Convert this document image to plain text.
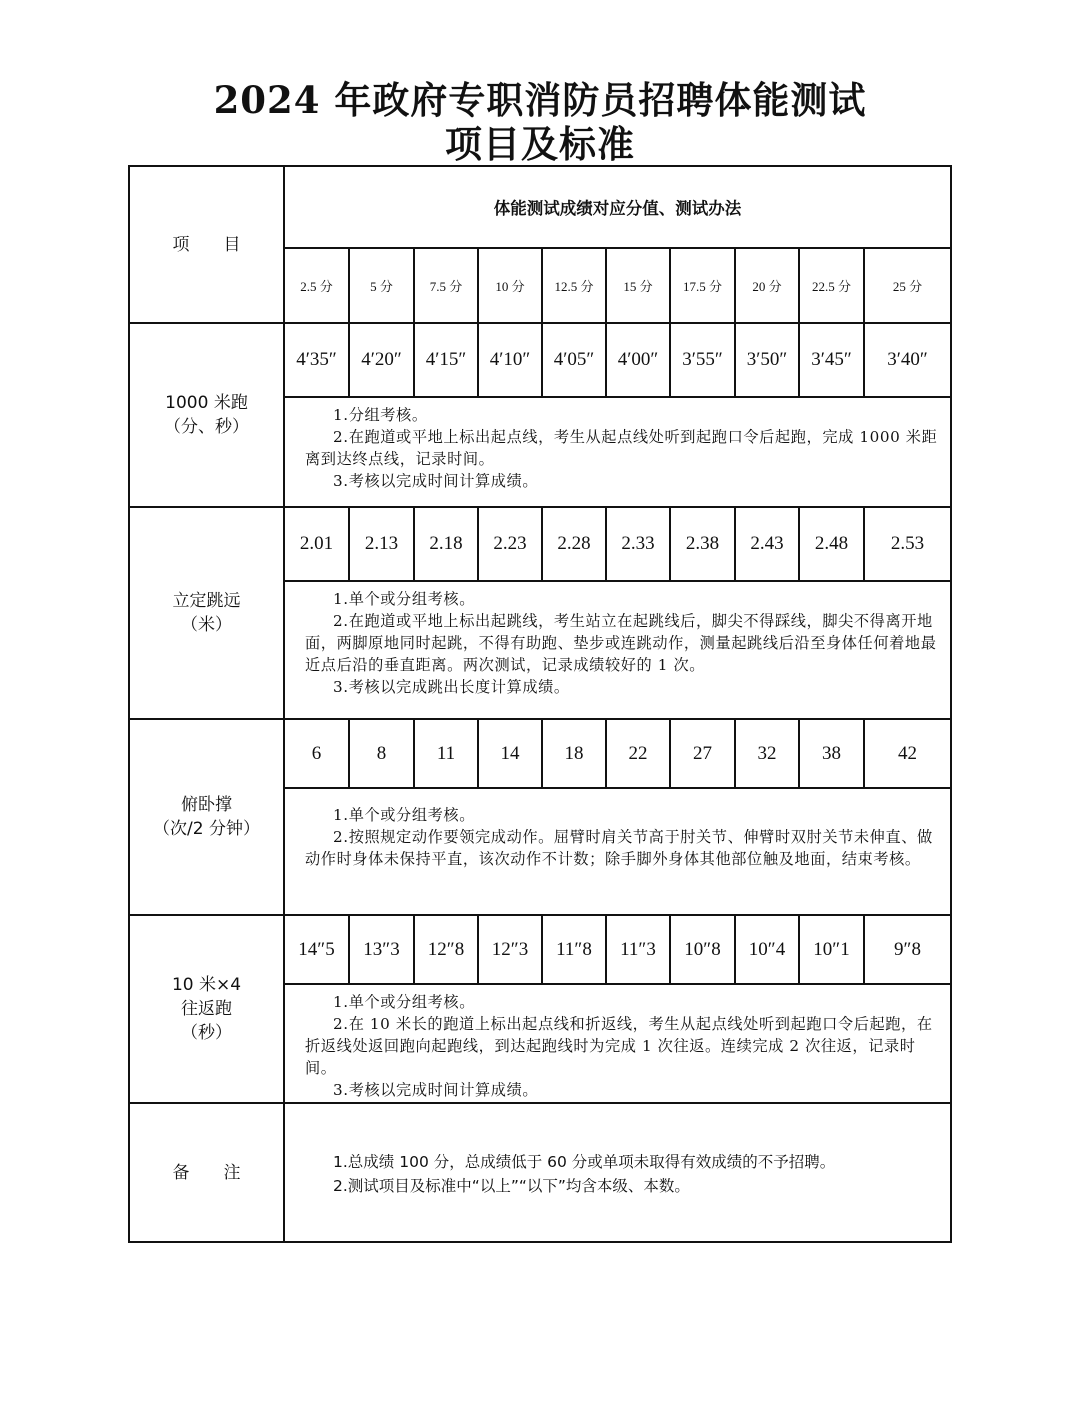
2024 年政府专职消防员招聘体能测试
项目及标准
项　　目
体能测试成绩对应分值、测试办法
2.5 分	5 分	7.5 分	10 分	12.5 分	15 分	17.5 分	20 分	22.5 分	25 分
1000 米跑
（分、秒）
4′35″	4′20″	4′15″	4′10″	4′05″	4′00″	3′55″	3′50″	3′45″	3′40″

1.分组考核。

2.在跑道或平地上标出起点线，考生从起点线处听到起跑口令后起跑，完成 1000 米距离到达终点线，记录时间。

3.考核以完成时间计算成绩。

立定跳远
（米）
2.01	2.13	2.18	2.23	2.28	2.33	2.38	2.43	2.48	2.53

1.单个或分组考核。

2.在跑道或平地上标出起跳线，考生站立在起跳线后，脚尖不得踩线，脚尖不得离开地面，两脚原地同时起跳，不得有助跑、垫步或连跳动作，测量起跳线后沿至身体任何着地最近点后沿的垂直距离。两次测试，记录成绩较好的 1 次。

3.考核以完成跳出长度计算成绩。

俯卧撑
（次/2 分钟）
6	8	11	14	18	22	27	32	38	42

1.单个或分组考核。

2.按照规定动作要领完成动作。屈臂时肩关节高于肘关节、伸臂时双肘关节未伸直、做动作时身体未保持平直，该次动作不计数；除手脚外身体其他部位触及地面，结束考核。

10 米×4
往返跑
（秒）
14″5	13″3	12″8	12″3	11″8	11″3	10″8	10″4	10″1	9″8

1.单个或分组考核。

2.在 10 米长的跑道上标出起点线和折返线，考生从起点线处听到起跑口令后起跑，在折返线处返回跑向起跑线，到达起跑线时为完成 1 次往返。连续完成 2 次往返，记录时间。

3.考核以完成时间计算成绩。

备　　注

1.总成绩 100 分，总成绩低于 60 分或单项未取得有效成绩的不予招聘。

2.测试项目及标准中“以上”“以下”均含本级、本数。
